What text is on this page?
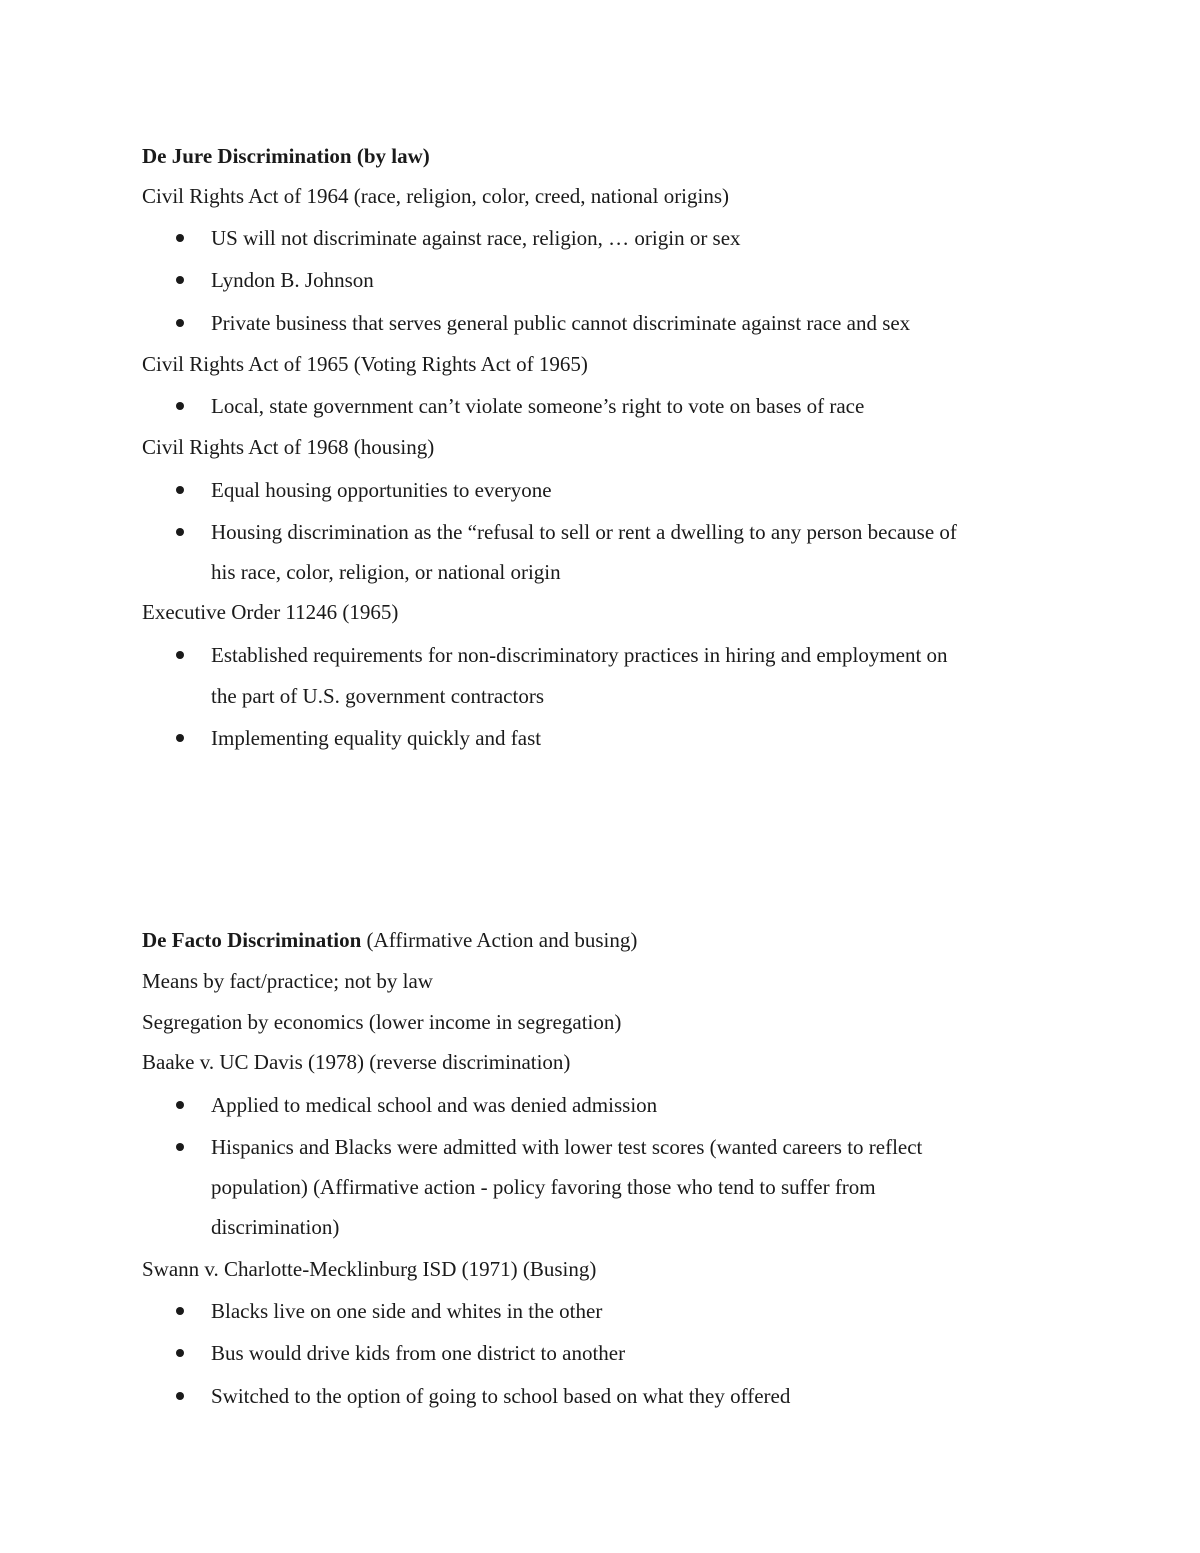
De Jure Discrimination (by law)
Civil Rights Act of 1964 (race, religion, color, creed, national origins)
US will not discriminate against race, religion, … origin or sex
Lyndon B. Johnson
Private business that serves general public cannot discriminate against race and sex
Civil Rights Act of 1965 (Voting Rights Act of 1965)
Local, state government can’t violate someone’s right to vote on bases of race
Civil Rights Act of 1968 (housing)
Equal housing opportunities to everyone
Housing discrimination as the “refusal to sell or rent a dwelling to any person because of
his race, color, religion, or national origin
Executive Order 11246 (1965)
Established requirements for non-discriminatory practices in hiring and employment on
the part of U.S. government contractors
Implementing equality quickly and fast
De Facto Discrimination (Affirmative Action and busing)
Means by fact/practice; not by law
Segregation by economics (lower income in segregation)
Baake v. UC Davis (1978) (reverse discrimination)
Applied to medical school and was denied admission
Hispanics and Blacks were admitted with lower test scores (wanted careers to reflect
population) (Affirmative action - policy favoring those who tend to suffer from
discrimination)
Swann v. Charlotte-Mecklinburg ISD (1971) (Busing)
Blacks live on one side and whites in the other
Bus would drive kids from one district to another
Switched to the option of going to school based on what they offered
